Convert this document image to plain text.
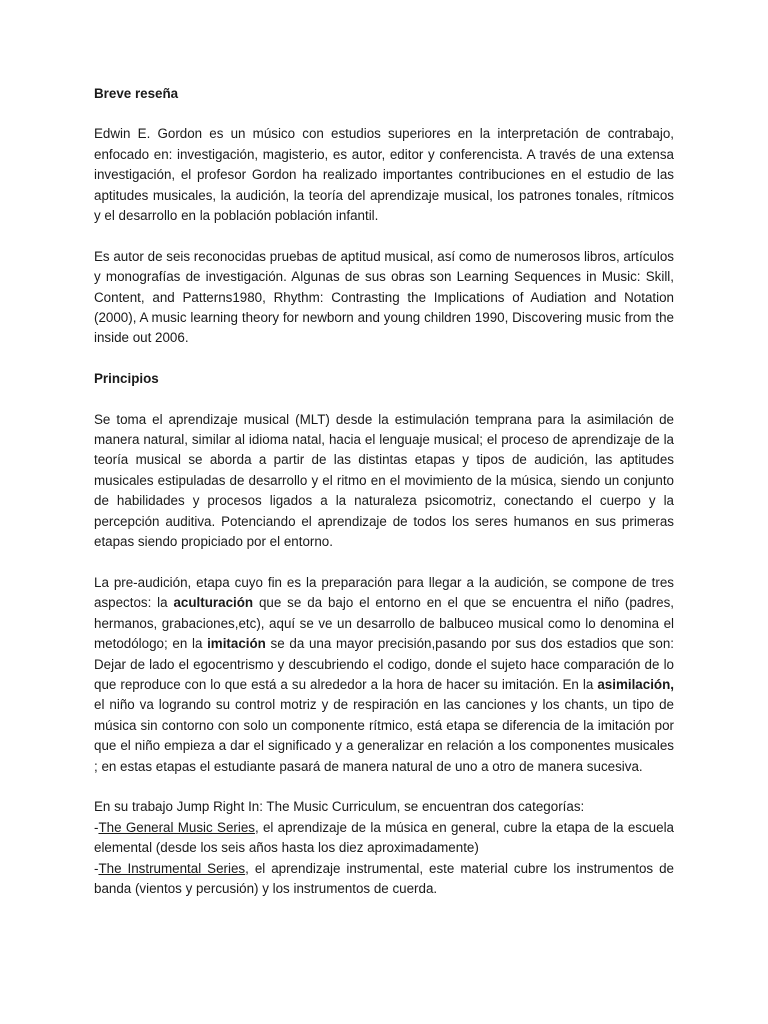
Breve reseña

Edwin E. Gordon es un músico con estudios superiores en la interpretación de contrabajo, enfocado en: investigación, magisterio, es autor, editor y conferencista. A través de una extensa investigación, el profesor Gordon ha realizado importantes contribuciones en el estudio de las aptitudes musicales, la audición, la teoría del aprendizaje musical, los patrones tonales, rítmicos y el desarrollo en la población población infantil.

Es autor de seis reconocidas pruebas de aptitud musical, así como de numerosos libros, artículos y monografías de investigación. Algunas de sus obras son Learning Sequences in Music: Skill, Content, and Patterns1980, Rhythm: Contrasting the Implications of Audiation and Notation (2000), A music learning theory for newborn and young children 1990, Discovering music from the inside out 2006.

Principios

Se toma el aprendizaje musical (MLT) desde la estimulación temprana para la asimilación de manera natural, similar al idioma natal, hacia el lenguaje musical; el proceso de aprendizaje de la teoría musical se aborda a partir de las distintas etapas y tipos de audición, las aptitudes musicales estipuladas de desarrollo y el ritmo en el movimiento de la música, siendo un conjunto de habilidades y procesos ligados a la naturaleza psicomotriz, conectando el cuerpo y la percepción auditiva. Potenciando el aprendizaje de todos los seres humanos en sus primeras etapas siendo propiciado por el entorno.

La pre-audición, etapa cuyo fin es la preparación para llegar a la audición, se compone de tres aspectos: la aculturación que se da bajo el entorno en el que se encuentra el niño (padres, hermanos, grabaciones,etc), aquí se ve un desarrollo de balbuceo musical como lo denomina el metodólogo; en la imitación se da una mayor precisión,pasando por sus dos estadios que son: Dejar de lado el egocentrismo y descubriendo el codigo, donde el sujeto hace comparación de lo que reproduce con lo que está a su alrededor a la hora de hacer su imitación. En la asimilación, el niño va logrando su control motriz y de respiración en las canciones y los chants, un tipo de música sin contorno con solo un componente rítmico, está etapa se diferencia de la imitación por que el niño empieza a dar el significado y a generalizar en relación a los componentes musicales ; en estas etapas el estudiante pasará de manera natural de uno a otro de manera sucesiva.

En su trabajo Jump Right In: The Music Curriculum, se encuentran dos categorías:

-The General Music Series, el aprendizaje de la música en general, cubre la etapa de la escuela elemental (desde los seis años hasta los diez aproximadamente)

-The Instrumental Series, el aprendizaje instrumental, este material cubre los instrumentos de banda (vientos y percusión) y los instrumentos de cuerda.
